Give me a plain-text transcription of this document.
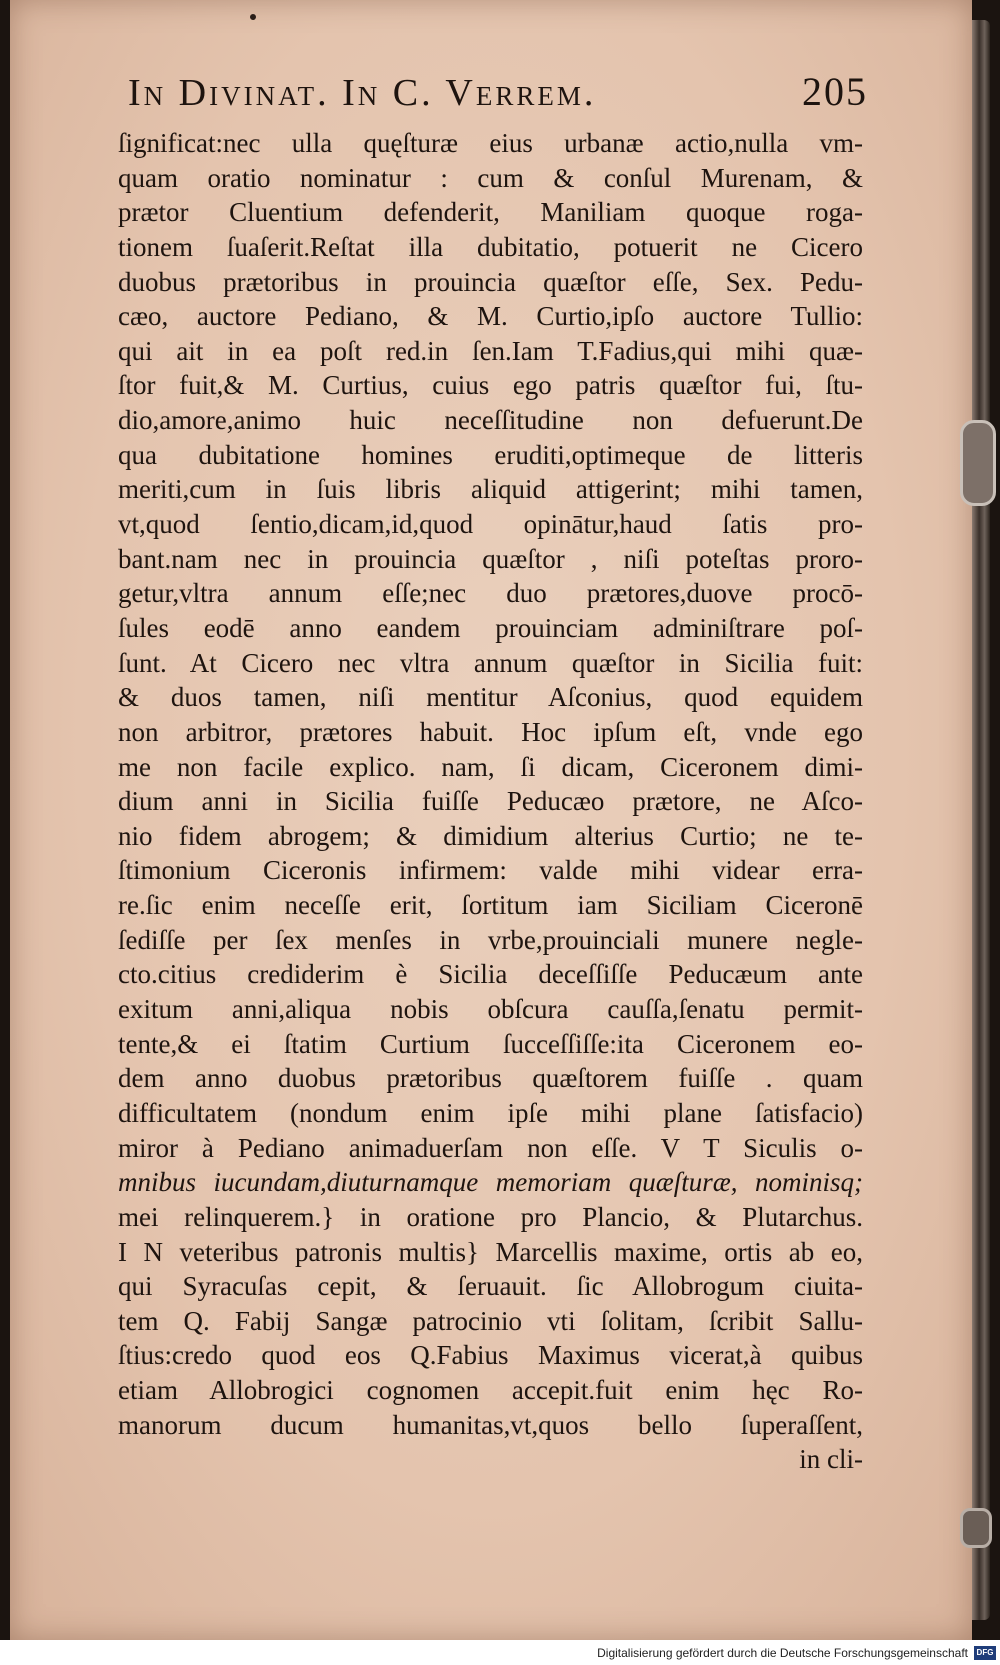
In Divinat. In C. Verrem.	205
ſignificat:nec ulla quęſturæ eius urbanæ actio,nulla vm-
quam oratio nominatur : cum & conſul Murenam, &
prætor Cluentium defenderit, Maniliam quoque roga-
tionem ſuaſerit.Reſtat illa dubitatio, potuerit ne Cicero
duobus prætoribus in prouincia quæſtor eſſe, Sex. Pedu-
cæo, auctore Pediano, & M. Curtio,ipſo auctore Tullio:
qui ait in ea poſt red.in ſen.Iam T.Fadius,qui mihi quæ-
ſtor fuit,& M. Curtius, cuius ego patris quæſtor fui, ſtu-
dio,amore,animo huic neceſſitudine non defuerunt.De
qua dubitatione homines eruditi,optimeque de litteris
meriti,cum in ſuis libris aliquid attigerint; mihi tamen,
vt,quod ſentio,dicam,id,quod opinātur,haud ſatis pro-
bant.nam nec in prouincia quæſtor , niſi poteſtas proro-
getur,vltra annum eſſe;nec duo prætores,duove procō-
ſules eodē anno eandem prouinciam adminiſtrare poſ-
ſunt. At Cicero nec vltra annum quæſtor in Sicilia fuit:
& duos tamen, niſi mentitur Aſconius, quod equidem
non arbitror, prætores habuit. Hoc ipſum eſt, vnde ego
me non facile explico. nam, ſi dicam, Ciceronem dimi-
dium anni in Sicilia fuiſſe Peducæo prætore, ne Aſco-
nio fidem abrogem; & dimidium alterius Curtio; ne te-
ſtimonium Ciceronis infirmem: valde mihi videar erra-
re.ſic enim neceſſe erit, ſortitum iam Siciliam Ciceronē
ſediſſe per ſex menſes in vrbe,prouinciali munere negle-
cto.citius crediderim è Sicilia deceſſiſſe Peducæum ante
exitum anni,aliqua nobis obſcura cauſſa,ſenatu permit-
tente,& ei ſtatim Curtium ſucceſſiſſe:ita Ciceronem eo-
dem anno duobus prætoribus quæſtorem fuiſſe . quam
difficultatem (nondum enim ipſe mihi plane ſatisfacio)
miror à Pediano animaduerſam non eſſe. V T Siculis o-
mnibus iucundam,diuturnamque memoriam quæſturæ, nominisq;
mei relinquerem.} in oratione pro Plancio, & Plutarchus.
I N veteribus patronis multis} Marcellis maxime, ortis ab eo,
qui Syracuſas cepit, & ſeruauit. ſic Allobrogum ciuita-
tem Q. Fabij Sangæ patrocinio vti ſolitam, ſcribit Sallu-
ſtius:credo quod eos Q.Fabius Maximus vicerat,à quibus
etiam Allobrogici cognomen accepit.fuit enim hęc Ro-
manorum ducum humanitas,vt,quos bello ſuperaſſent,
in cli-
Digitalisierung gefördert durch die Deutsche Forschungsgemeinschaft	DFG
